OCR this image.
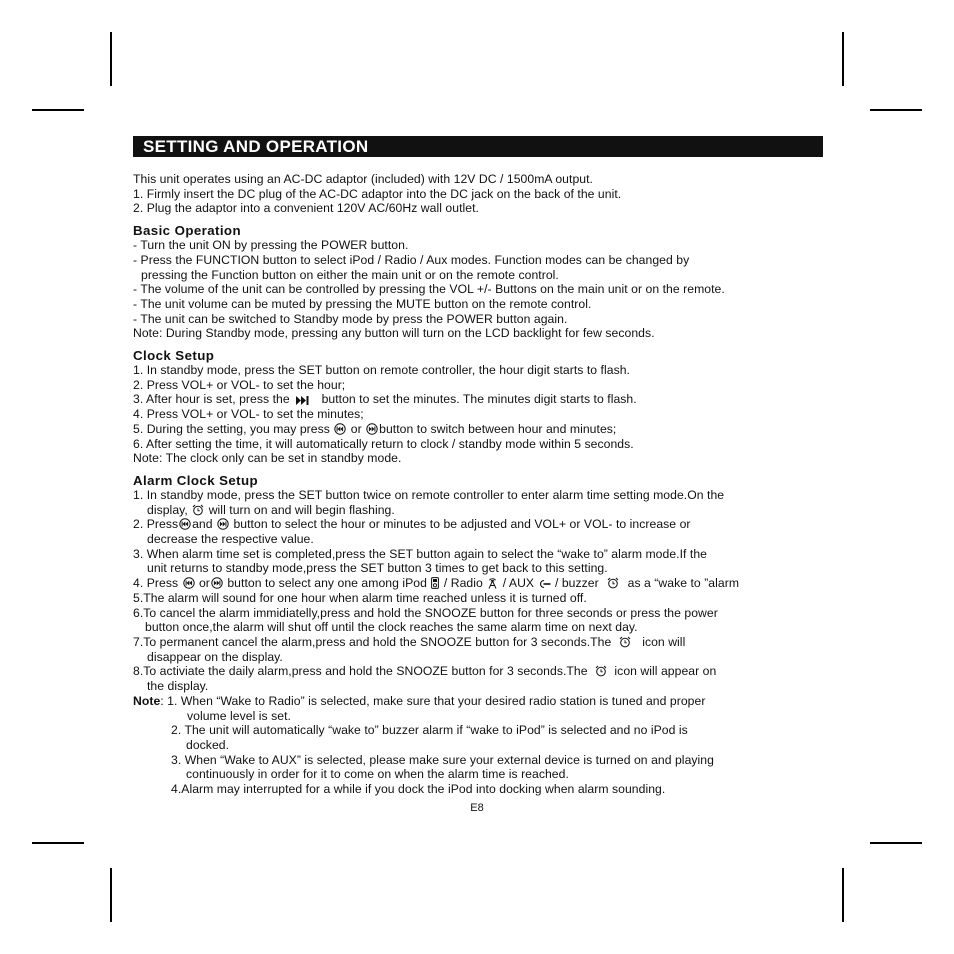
SETTING AND OPERATION
This unit operates using an AC-DC adaptor (included) with 12V DC / 1500mA output.
1. Firmly insert the DC plug of the AC-DC adaptor into the DC jack on the back of the unit.
2. Plug the adaptor into a convenient 120V AC/60Hz wall outlet.
Basic Operation
- Turn the unit ON by pressing the POWER button.
- Press the FUNCTION button to select iPod / Radio / Aux modes. Function modes can be changed by
pressing the Function button on either the main unit or on the remote control.
- The volume of the unit can be controlled by pressing the VOL +/- Buttons on the main unit or on the remote.
- The unit volume can be muted by pressing the MUTE button on the remote control.
- The unit can be switched to Standby mode by press the POWER button again.
Note: During Standby mode, pressing any button will turn on the LCD backlight for few seconds.
Clock Setup
1. In standby mode, press the SET button on remote controller, the hour digit starts to flash.
2. Press VOL+ or VOL- to set the hour;
3. After hour is set, press the	button to set the minutes. The minutes digit starts to flash.
4. Press VOL+ or VOL- to set the minutes;
5. During the setting, you may press or button to switch between hour and minutes;
6. After setting the time, it will automatically return to clock / standby mode within 5 seconds.
Note: The clock only can be set in standby mode.
Alarm Clock Setup
1. In standby mode, press the SET button twice on remote controller to enter alarm time setting mode.On the
display, will turn on and will begin flashing.
2. Press and button to select the hour or minutes to be adjusted and VOL+ or VOL- to increase or
decrease the respective value.
3. When alarm time set is completed,press the SET button again to select the “wake to” alarm mode.If the
unit returns to standby mode,press the SET button 3 times to get back to this setting.
4. Press or button to select any one among iPod / Radio / AUX / buzzer as a “wake to ”alarm
5.The alarm will sound for one hour when alarm time reached unless it is turned off.
6.To cancel the alarm immidiatelly,press and hold the SNOOZE button for three seconds or press the power
button once,the alarm will shut off until the clock reaches the same alarm time on next day.
7.To permanent cancel the alarm,press and hold the SNOOZE button for 3 seconds.The	icon will
disappear on the display.
8.To activiate the daily alarm,press and hold the SNOOZE button for 3 seconds.The icon will appear on
the display.
Note: 1. When “Wake to Radio” is selected, make sure that your desired radio station is tuned and proper
volume level is set.
2. The unit will automatically “wake to” buzzer alarm if “wake to iPod” is selected and no iPod is
docked.
3. When “Wake to AUX” is selected, please make sure your external device is turned on and playing
continuously in order for it to come on when the alarm time is reached.
4.Alarm may interrupted for a while if you dock the iPod into docking when alarm sounding.
E8
